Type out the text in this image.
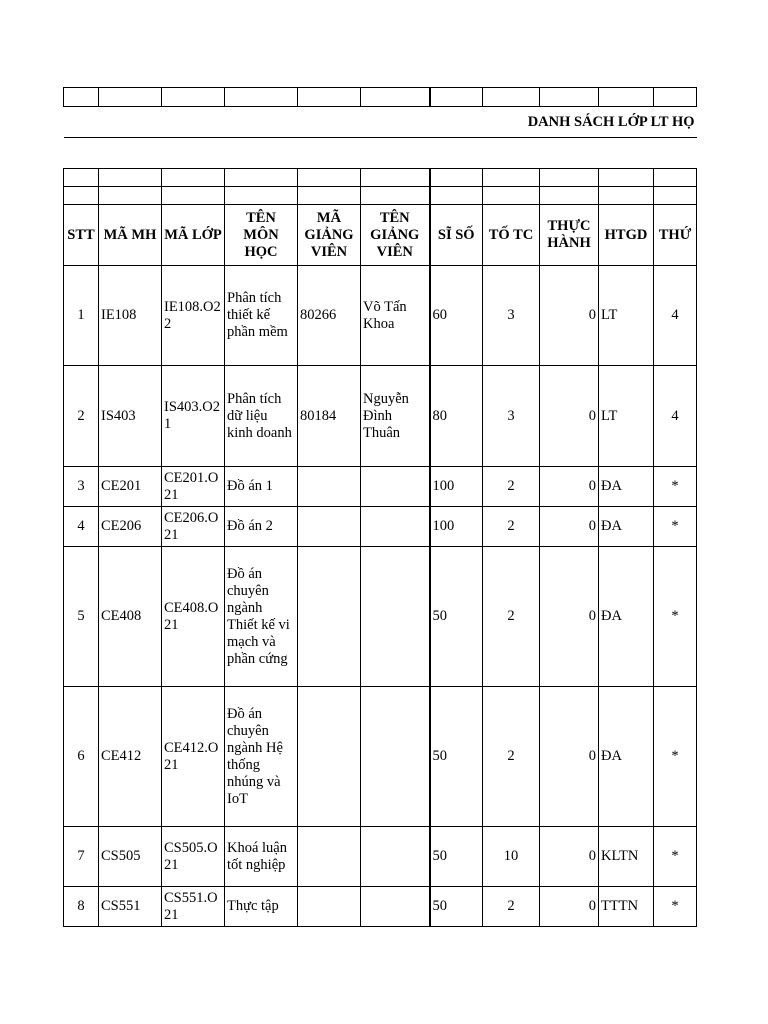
DANH SÁCH LỚP LT HỌ										

STT	MÃ MH	MÃ LỚP	TÊN MÔN HỌC	MÃ GIẢNG VIÊN	TÊN GIẢNG VIÊN	SĨ SỐ	TỐ TC	THỰC HÀNH	HTGD	THỨ
1	IE108	IE108.O22	Phân tích thiết kế phần mềm	80266	Võ Tấn Khoa	60	3	0	LT	4
2	IS403	IS403.O21	Phân tích dữ liệu kinh doanh	80184	Nguyễn Đình Thuân	80	3	0	LT	4
3	CE201	CE201.O21	Đồ án 1			100	2	0	ĐA	*
4	CE206	CE206.O21	Đồ án 2			100	2	0	ĐA	*
5	CE408	CE408.O21	Đồ án chuyên ngành Thiết kế vi mạch và phần cứng			50	2	0	ĐA	*
6	CE412	CE412.O21	Đồ án chuyên ngành Hệ thống nhúng và IoT			50	2	0	ĐA	*
7	CS505	CS505.O21	Khoá luận tốt nghiệp			50	10	0	KLTN	*
8	CS551	CS551.O21	Thực tập			50	2	0	TTTN	*
